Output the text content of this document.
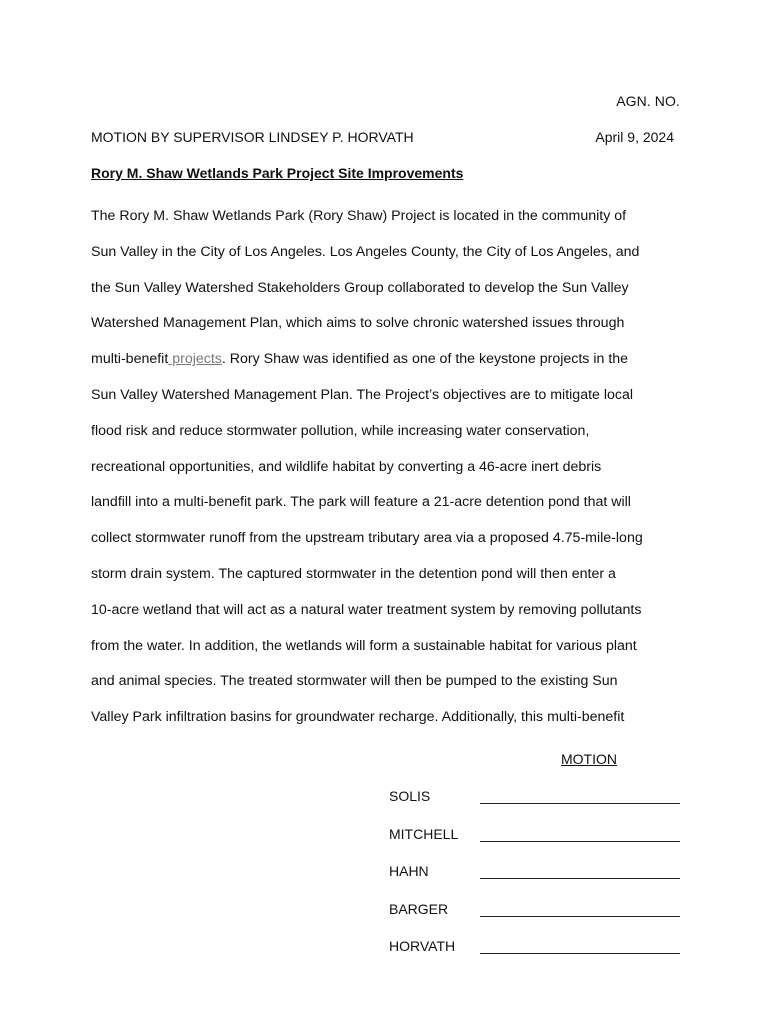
AGN. NO.
MOTION BY SUPERVISOR LINDSEY P. HORVATH	April 9, 2024
Rory M. Shaw Wetlands Park Project Site Improvements
The Rory M. Shaw Wetlands Park (Rory Shaw) Project is located in the community of
Sun Valley in the City of Los Angeles. Los Angeles County, the City of Los Angeles, and
the Sun Valley Watershed Stakeholders Group collaborated to develop the Sun Valley
Watershed Management Plan, which aims to solve chronic watershed issues through
multi-benefit projects. Rory Shaw was identified as one of the keystone projects in the
Sun Valley Watershed Management Plan. The Project’s objectives are to mitigate local
flood risk and reduce stormwater pollution, while increasing water conservation,
recreational opportunities, and wildlife habitat by converting a 46-acre inert debris
landfill into a multi-benefit park. The park will feature a 21-acre detention pond that will
collect stormwater runoff from the upstream tributary area via a proposed 4.75-mile-long
storm drain system. The captured stormwater in the detention pond will then enter a
10-acre wetland that will act as a natural water treatment system by removing pollutants
from the water. In addition, the wetlands will form a sustainable habitat for various plant
and animal species. The treated stormwater will then be pumped to the existing Sun
Valley Park infiltration basins for groundwater recharge. Additionally, this multi-benefit
MOTION
SOLIS
MITCHELL
HAHN
BARGER
HORVATH
